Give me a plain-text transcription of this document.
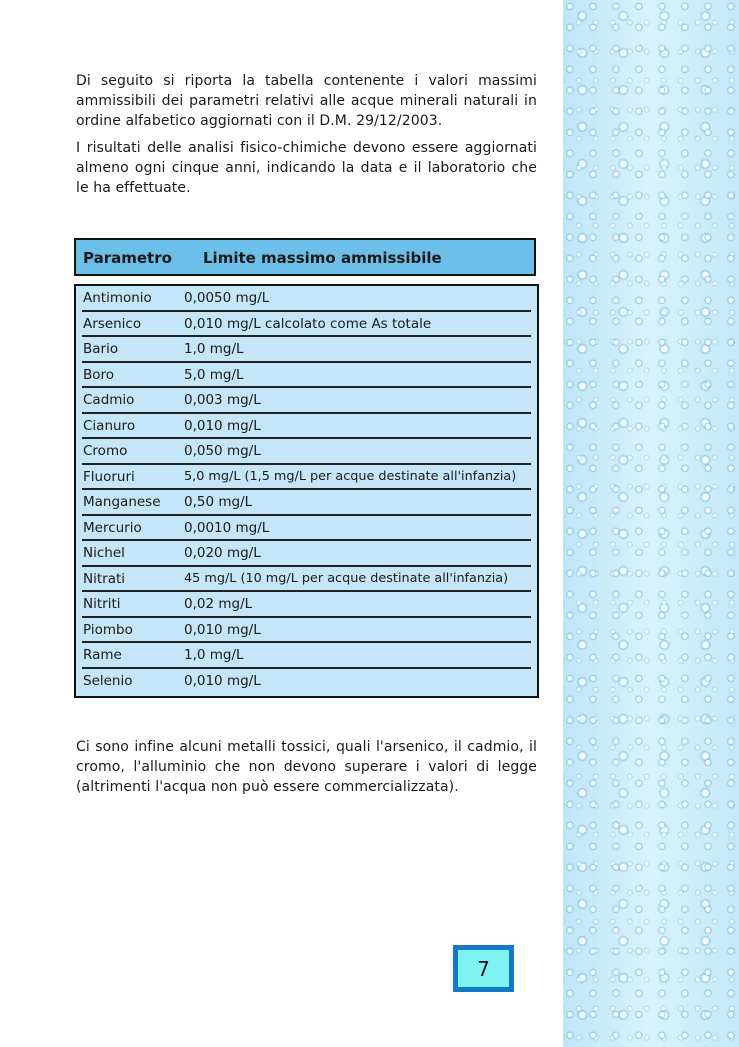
Di seguito si riporta la tabella contenente i valori massimi ammissibili dei parametri relativi alle acque minerali naturali in ordine alfabetico aggiornati con il D.M. 29/12/2003.

I risultati delle analisi fisico-chimiche devono essere aggiornati almeno ogni cinque anni, indicando la data e il laboratorio che le ha effettuate.

Parametro Limite massimo ammissibile
Antimonio 0,0050 mg/L
Arsenico	0,010 mg/L calcolato come As totale
Bario	1,0 mg/L
Boro	5,0 mg/L
Cadmio	0,003 mg/L
Cianuro	0,010 mg/L
Cromo	0,050 mg/L
Fluoruri	5,0 mg/L (1,5 mg/L per acque destinate all'infanzia)
Manganese 0,50 mg/L
Mercurio	0,0010 mg/L
Nichel	0,020 mg/L
Nitrati	45 mg/L (10 mg/L per acque destinate all'infanzia)
Nitriti	0,02 mg/L
Piombo	0,010 mg/L
Rame	1,0 mg/L
Selenio	0,010 mg/L

Ci sono infine alcuni metalli tossici, quali l'arsenico, il cadmio, il cromo, l'alluminio che non devono superare i valori di legge (altrimenti l'acqua non può essere commercializzata).

7
